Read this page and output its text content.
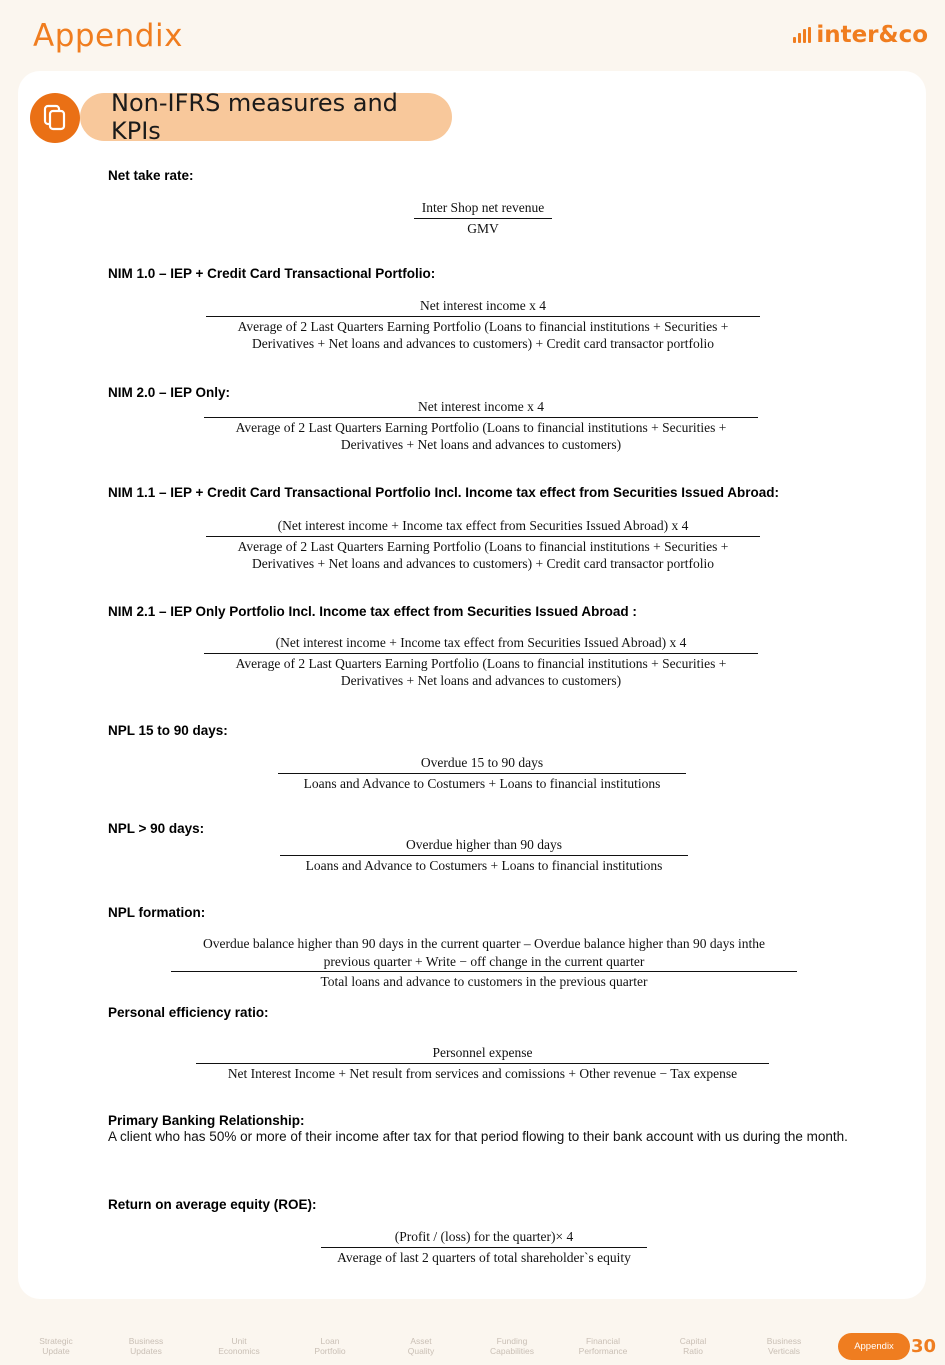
Appendix	inter&co
Non-IFRS measures and KPIs
Net take rate:
Inter Shop net revenue
GMV
NIM 1.0 – IEP + Credit Card Transactional Portfolio:
Net interest income x 4
Average of 2 Last Quarters Earning Portfolio (Loans to financial institutions + Securities +
Derivatives + Net loans and advances to customers) + Credit card transactor portfolio
NIM 2.0 – IEP Only:
Net interest income x 4
Average of 2 Last Quarters Earning Portfolio (Loans to financial institutions + Securities +
Derivatives + Net loans and advances to customers)
NIM 1.1 – IEP + Credit Card Transactional Portfolio Incl. Income tax effect from Securities Issued Abroad:
(Net interest income + Income tax effect from Securities Issued Abroad) x 4
Average of 2 Last Quarters Earning Portfolio (Loans to financial institutions + Securities +
Derivatives + Net loans and advances to customers) + Credit card transactor portfolio
NIM 2.1 – IEP Only Portfolio Incl. Income tax effect from Securities Issued Abroad :
(Net interest income + Income tax effect from Securities Issued Abroad) x 4
Average of 2 Last Quarters Earning Portfolio (Loans to financial institutions + Securities +
Derivatives + Net loans and advances to customers)
NPL 15 to 90 days:
Overdue 15 to 90 days
Loans and Advance to Costumers + Loans to financial institutions
NPL > 90 days:
Overdue higher than 90 days
Loans and Advance to Costumers + Loans to financial institutions
NPL formation:
Overdue balance higher than 90 days in the current quarter – Overdue balance higher than 90 days inthe
previous quarter + Write − off change in the current quarter
Total loans and advance to customers in the previous quarter
Personal efficiency ratio:
Personnel expense
Net Interest Income + Net result from services and comissions + Other revenue − Tax expense
Primary Banking Relationship:
A client who has 50% or more of their income after tax for that period flowing to their bank account with us during the month.
Return on average equity (ROE):
(Profit / (loss) for the quarter)× 4
Average of last 2 quarters of total shareholder`s equity
Strategic
Update
Business
Updates
Unit
Economics
Loan
Portfolio
Asset
Quality
Funding
Capabilities
Financial
Performance
Capital
Ratio
Business
Verticals	Appendix 30
